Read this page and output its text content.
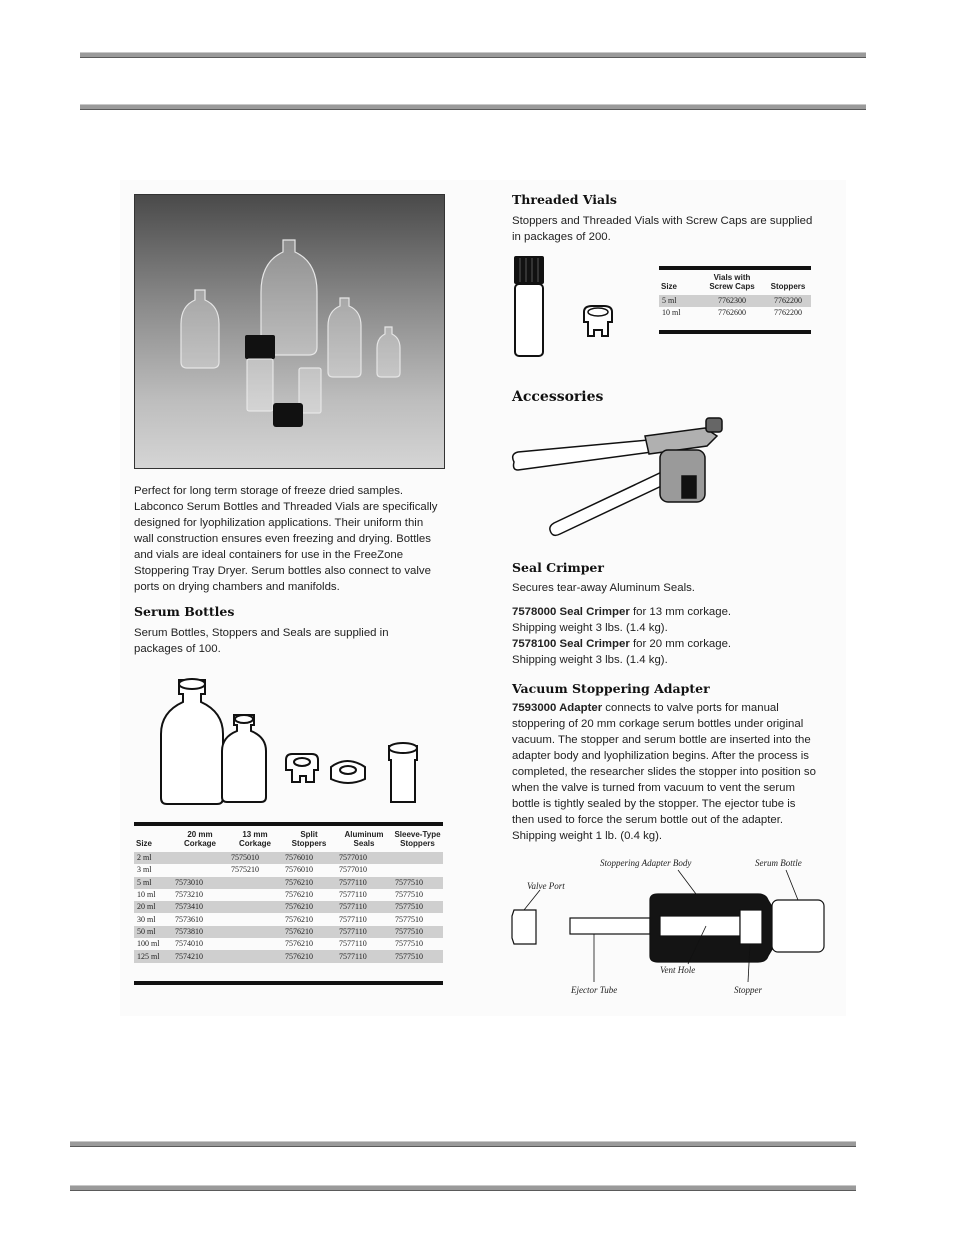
Perfect for long term storage of freeze dried samples. Labconco Serum Bottles and Threaded Vials are specifically designed for lyophilization applications. Their uniform thin wall construction ensures even freezing and drying. Bottles and vials are ideal containers for use in the FreeZone Stoppering Tray Dryer. Serum bottles also connect to valve ports on drying chambers and manifolds.
Serum Bottles
Serum Bottles, Stoppers and Seals are supplied in packages of 100.
Size	20 mm Corkage	13 mm Corkage	Split Stoppers	Aluminum Seals	Sleeve-Type Stoppers
2 ml		7575010	7576010	7577010	
3 ml		7575210	7576010	7577010	
5 ml	7573010		7576210	7577110	7577510
10 ml	7573210		7576210	7577110	7577510
20 ml	7573410		7576210	7577110	7577510
30 ml	7573610		7576210	7577110	7577510
50 ml	7573810		7576210	7577110	7577510
100 ml	7574010		7576210	7577110	7577510
125 ml	7574210		7576210	7577110	7577510
Threaded Vials
Stoppers and Threaded Vials with Screw Caps are supplied in packages of 200.
Size	Vials with Screw Caps	Stoppers
5 ml	7762300	7762200
10 ml	7762600	7762200
Accessories
Seal Crimper
Secures tear-away Aluminum Seals.
7578000 Seal Crimper for 13 mm corkage.
Shipping weight 3 lbs. (1.4 kg).
7578100 Seal Crimper for 20 mm corkage.
Shipping weight 3 lbs. (1.4 kg).
Vacuum Stoppering Adapter
7593000 Adapter connects to valve ports for manual stoppering of 20 mm corkage serum bottles under original vacuum. The stopper and serum bottle are inserted into the adapter body and lyophilization begins. After the process is completed, the researcher slides the stopper into position so when the valve is turned from vacuum to vent the serum bottle is tightly sealed by the stopper. The ejector tube is then used to force the serum bottle out of the adapter.
Shipping weight 1 lb. (0.4 kg).
Stoppering Adapter Body	Serum Bottle
Valve Port
Vent Hole
Ejector Tube	Stopper
